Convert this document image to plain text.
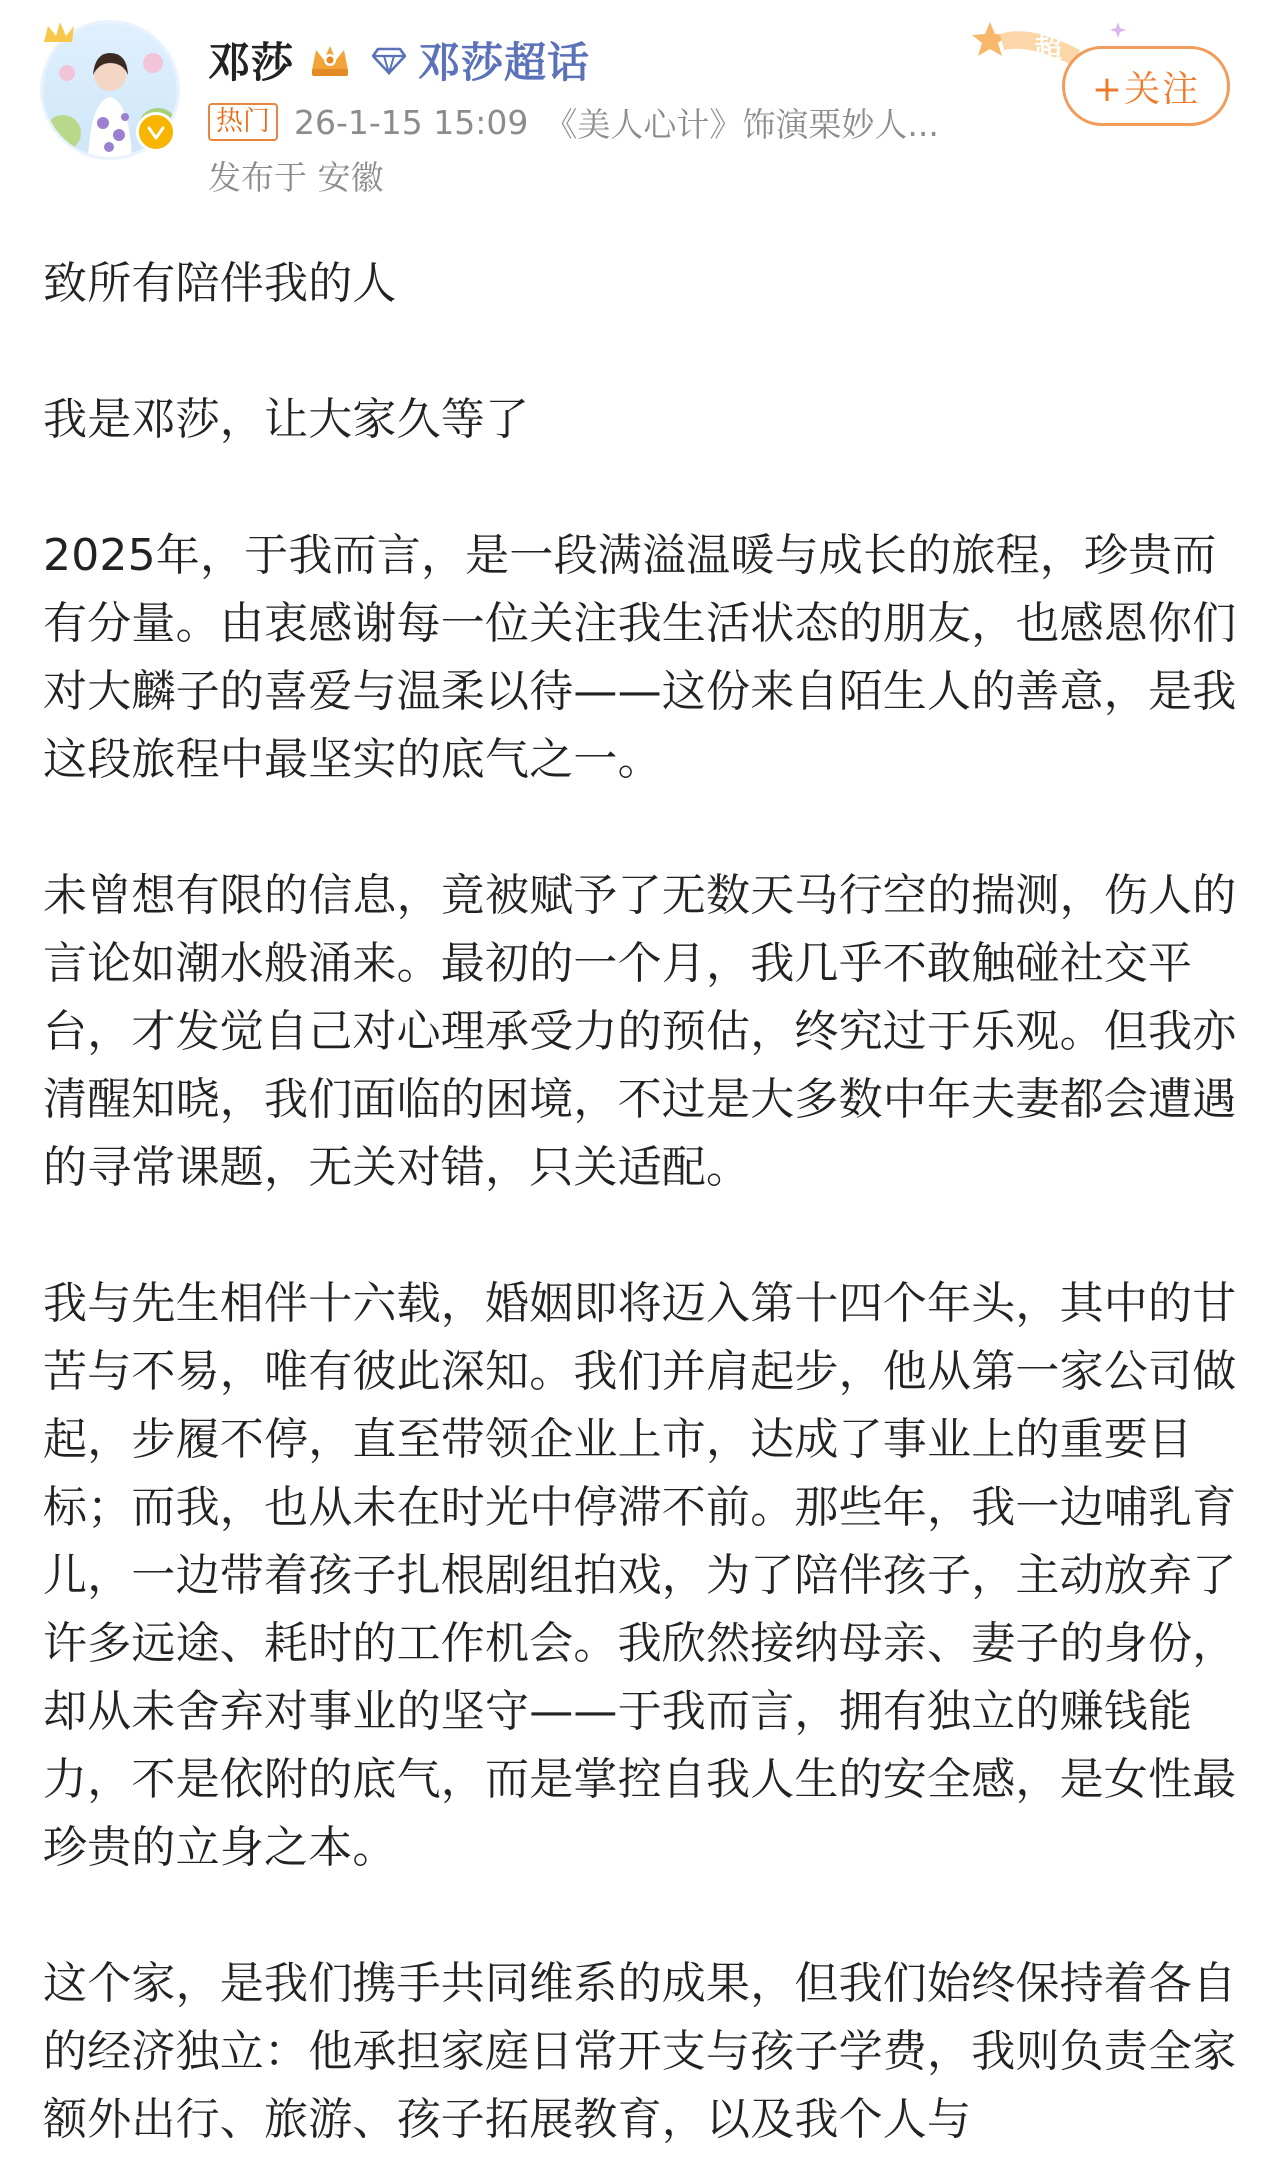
邓莎	邓莎超话
热门 26-1-15 15:09 《美人心计》饰演栗妙人...
发布于 安徽
超
+关注

致所有陪伴我的人

我是邓莎，让大家久等了

2025年，于我而言，是一段满溢温暖与成长的旅程，珍贵而有分量。由衷感谢每一位关注我生活状态的朋友，也感恩你们对大麟子的喜爱与温柔以待——这份来自陌生人的善意，是我这段旅程中最坚实的底气之一。

未曾想有限的信息，竟被赋予了无数天马行空的揣测，伤人的言论如潮水般涌来。最初的一个月，我几乎不敢触碰社交平台，才发觉自己对心理承受力的预估，终究过于乐观。但我亦清醒知晓，我们面临的困境，不过是大多数中年夫妻都会遭遇的寻常课题，无关对错，只关适配。

我与先生相伴十六载，婚姻即将迈入第十四个年头，其中的甘苦与不易，唯有彼此深知。我们并肩起步，他从第一家公司做起，步履不停，直至带领企业上市，达成了事业上的重要目标；而我，也从未在时光中停滞不前。那些年，我一边哺乳育儿，一边带着孩子扎根剧组拍戏，为了陪伴孩子，主动放弃了许多远途、耗时的工作机会。我欣然接纳母亲、妻子的身份，却从未舍弃对事业的坚守——于我而言，拥有独立的赚钱能力，不是依附的底气，而是掌控自我人生的安全感，是女性最珍贵的立身之本。

这个家，是我们携手共同维系的成果，但我们始终保持着各自的经济独立：他承担家庭日常开支与孩子学费，我则负责全家额外出行、旅游、孩子拓展教育，以及我个人与
